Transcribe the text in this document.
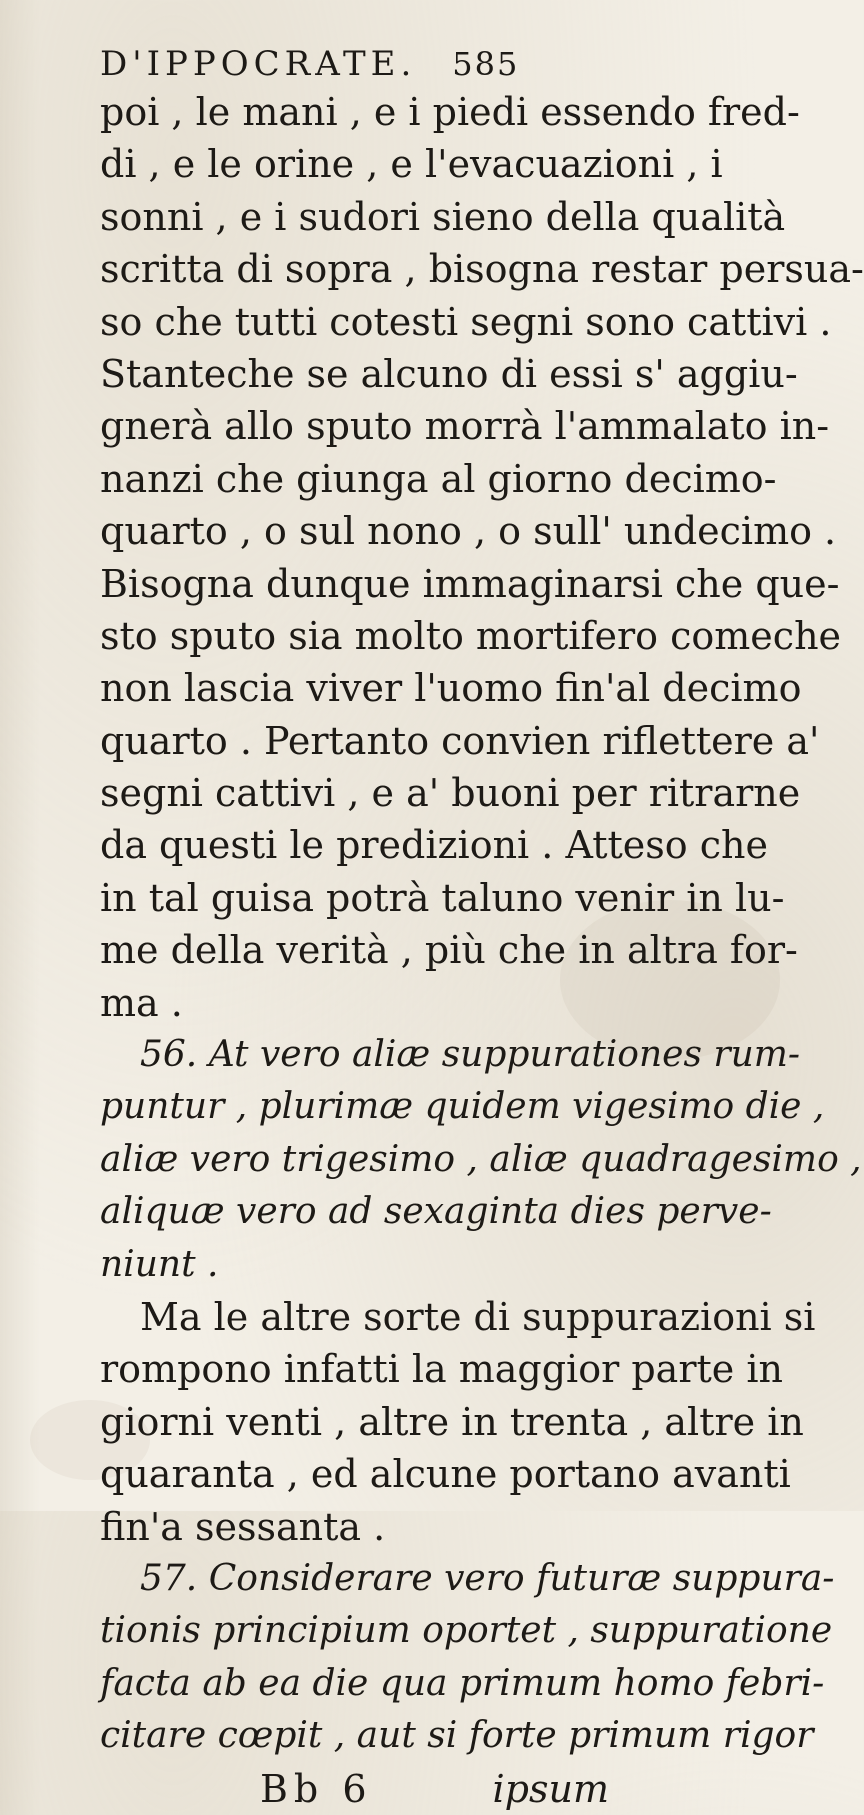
D'IPPOCRATE. 585
poi , le mani , e i piedi essendo fred-
di , e le orine , e l'evacuazioni , i
sonni , e i sudori sieno della qualità
scritta di sopra , bisogna restar persua-
so che tutti cotesti segni sono cattivi .
Stanteche se alcuno di essi s' aggiu-
gnerà allo sputo morrà l'ammalato in-
nanzi che giunga al giorno decimo-
quarto , o sul nono , o sull' undecimo .
Bisogna dunque immaginarsi che que-
sto sputo sia molto mortifero comeche
non lascia viver l'uomo fin'al decimo
quarto . Pertanto convien riflettere a'
segni cattivi , e a' buoni per ritrarne
da questi le predizioni . Atteso che
in tal guisa potrà taluno venir in lu-
me della verità , più che in altra for-
ma .
56. At vero aliæ suppurationes rum-
puntur , plurimæ quidem vigesimo die ,
aliæ vero trigesimo , aliæ quadragesimo ,
aliquæ vero ad sexaginta dies perve-
niunt .
Ma le altre sorte di suppurazioni si
rompono infatti la maggior parte in
giorni venti , altre in trenta , altre in
quaranta , ed alcune portano avanti
fin'a sessanta .
57. Considerare vero futuræ suppura-
tionis principium oportet , suppuratione
facta ab ea die qua primum homo febri-
citare cœpit , aut si forte primum rigor
Bb 6	ipsum
